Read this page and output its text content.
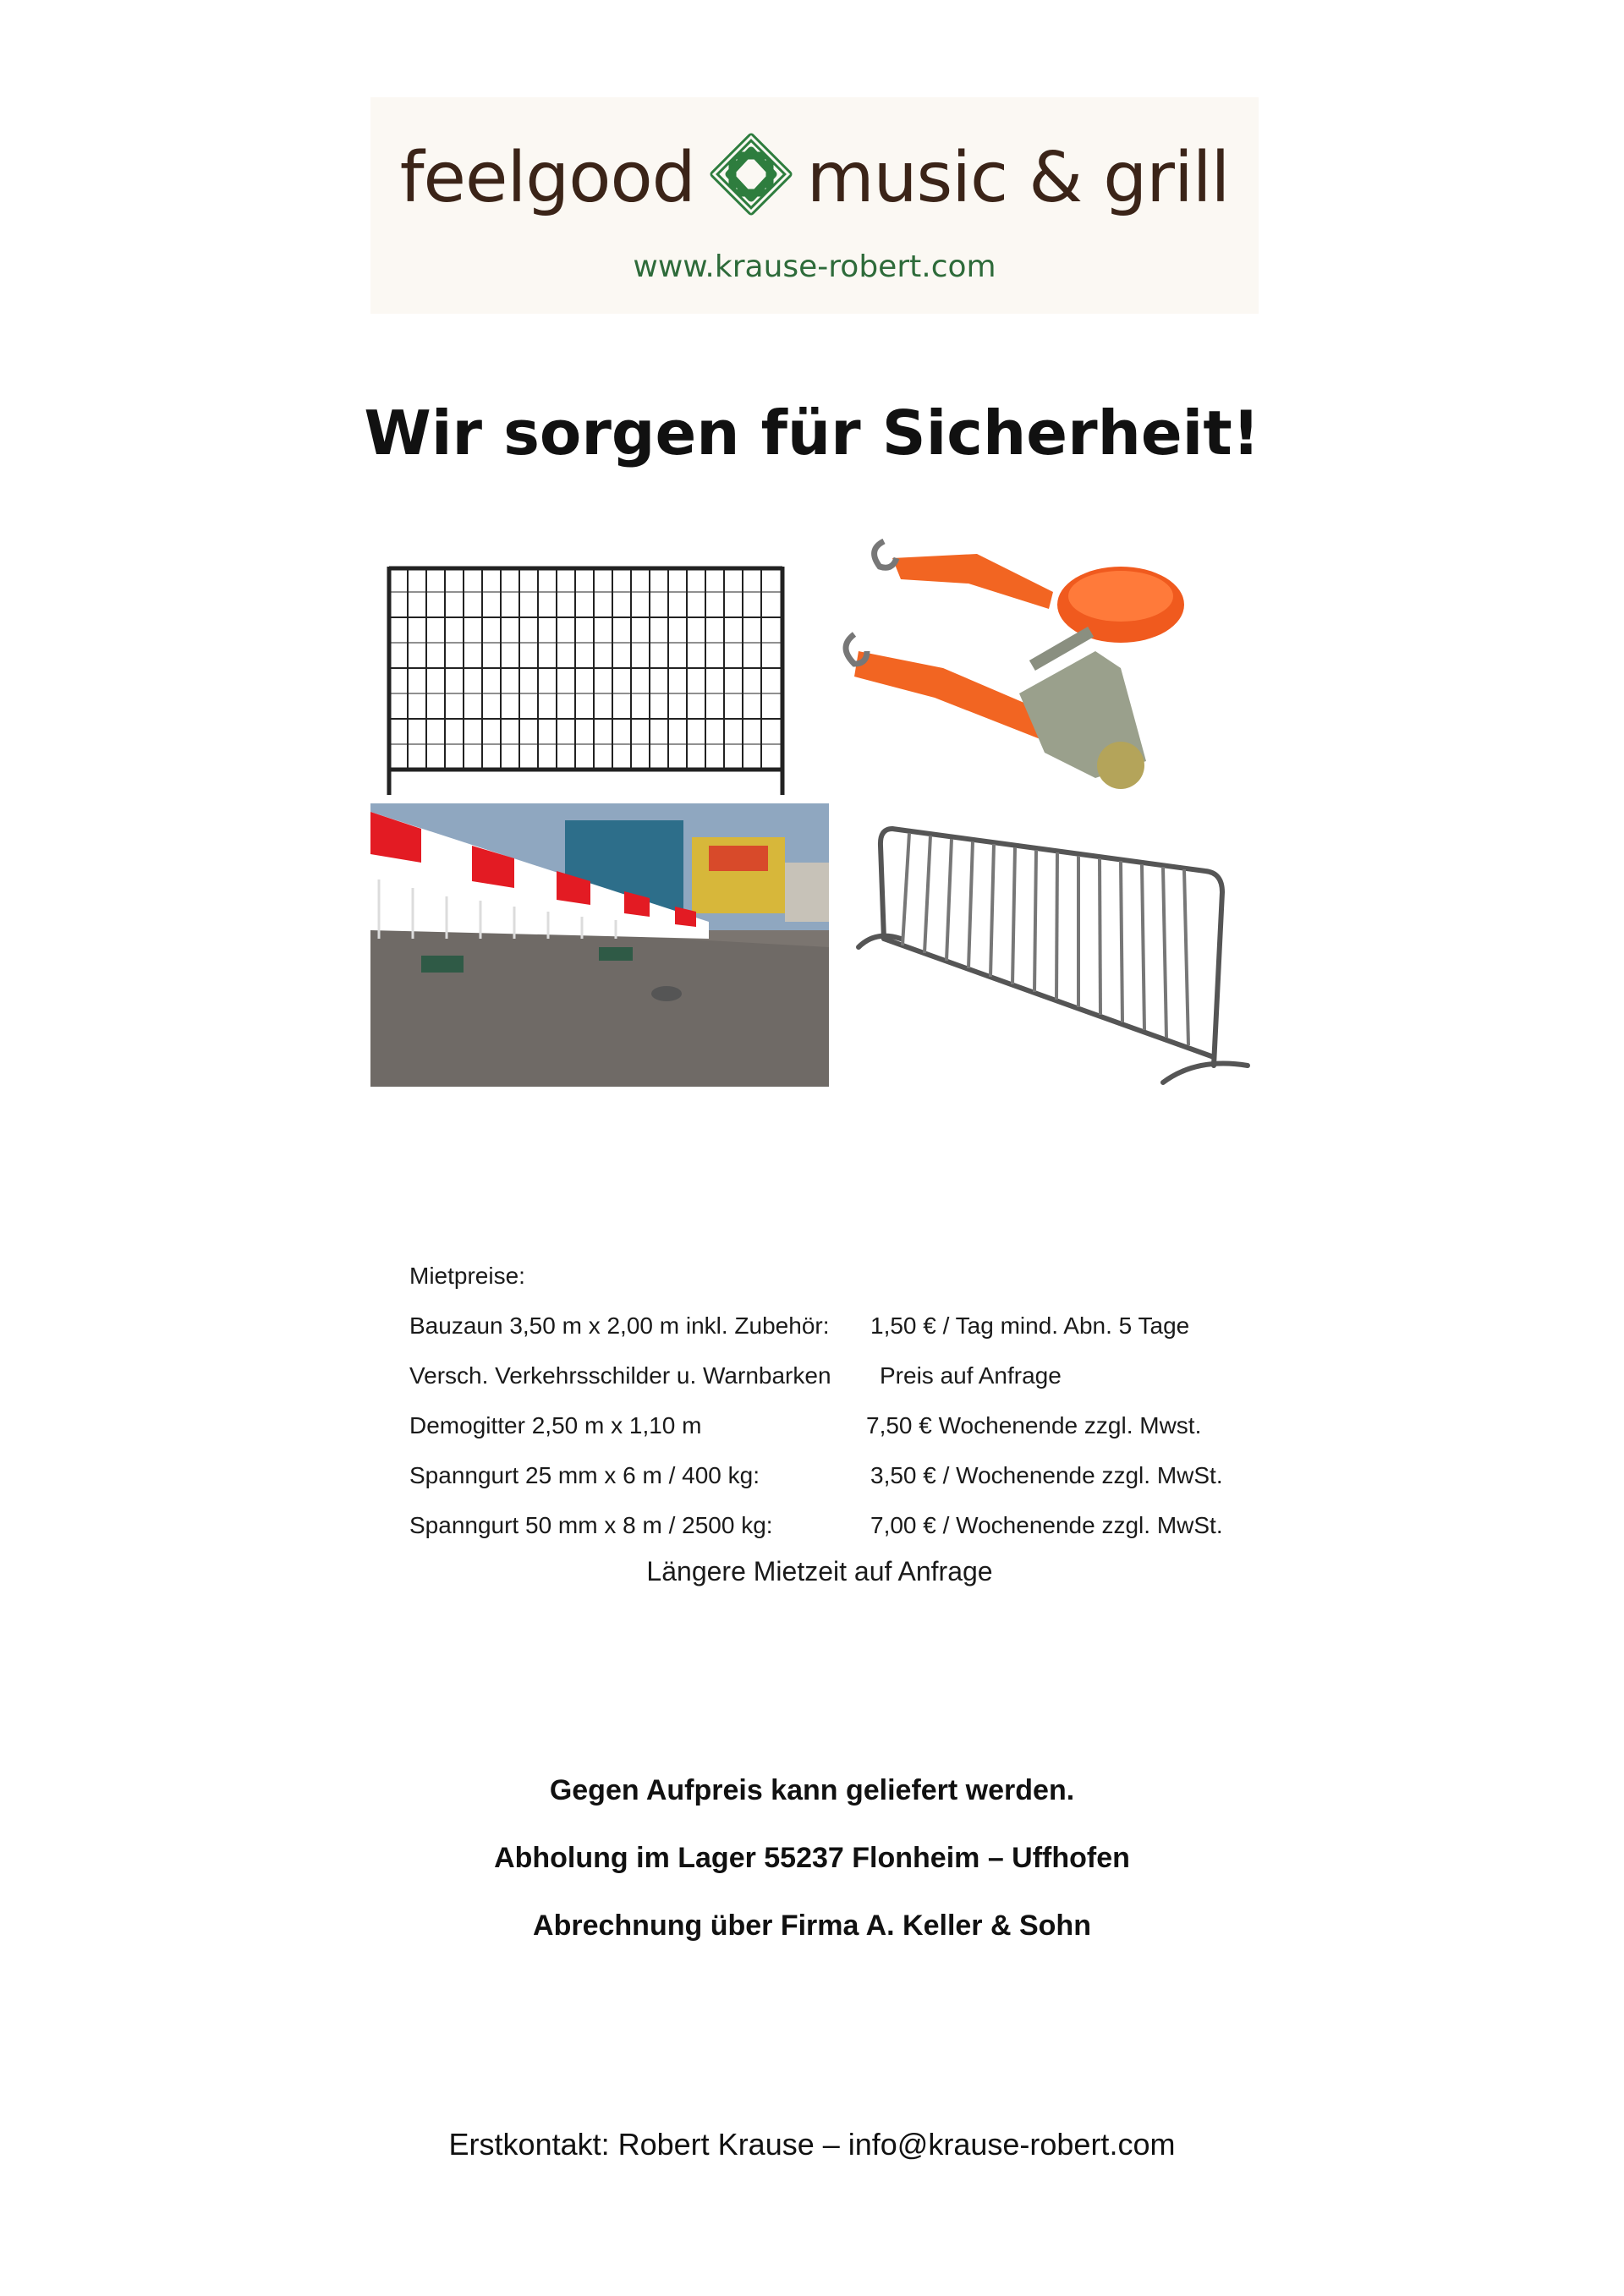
feelgood music & grill
www.krause-robert.com
Wir sorgen für Sicherheit!
Mietpreise:
Bauzaun 3,50 m x 2,00 m inkl. Zubehör: 1,50 € / Tag mind. Abn. 5 Tage
Versch. Verkehrsschilder u. Warnbarken Preis auf Anfrage
Demogitter 2,50 m x 1,10 m	7,50 € Wochenende zzgl. Mwst.
Spanngurt 25 mm x 6 m / 400 kg:	3,50 € / Wochenende zzgl. MwSt.
Spanngurt 50 mm x 8 m / 2500 kg:	7,00 € / Wochenende zzgl. MwSt.
Längere Mietzeit auf Anfrage
Gegen Aufpreis kann geliefert werden.
Abholung im Lager 55237 Flonheim – Uffhofen
Abrechnung über Firma A. Keller & Sohn
Erstkontakt: Robert Krause – info@krause-robert.com
